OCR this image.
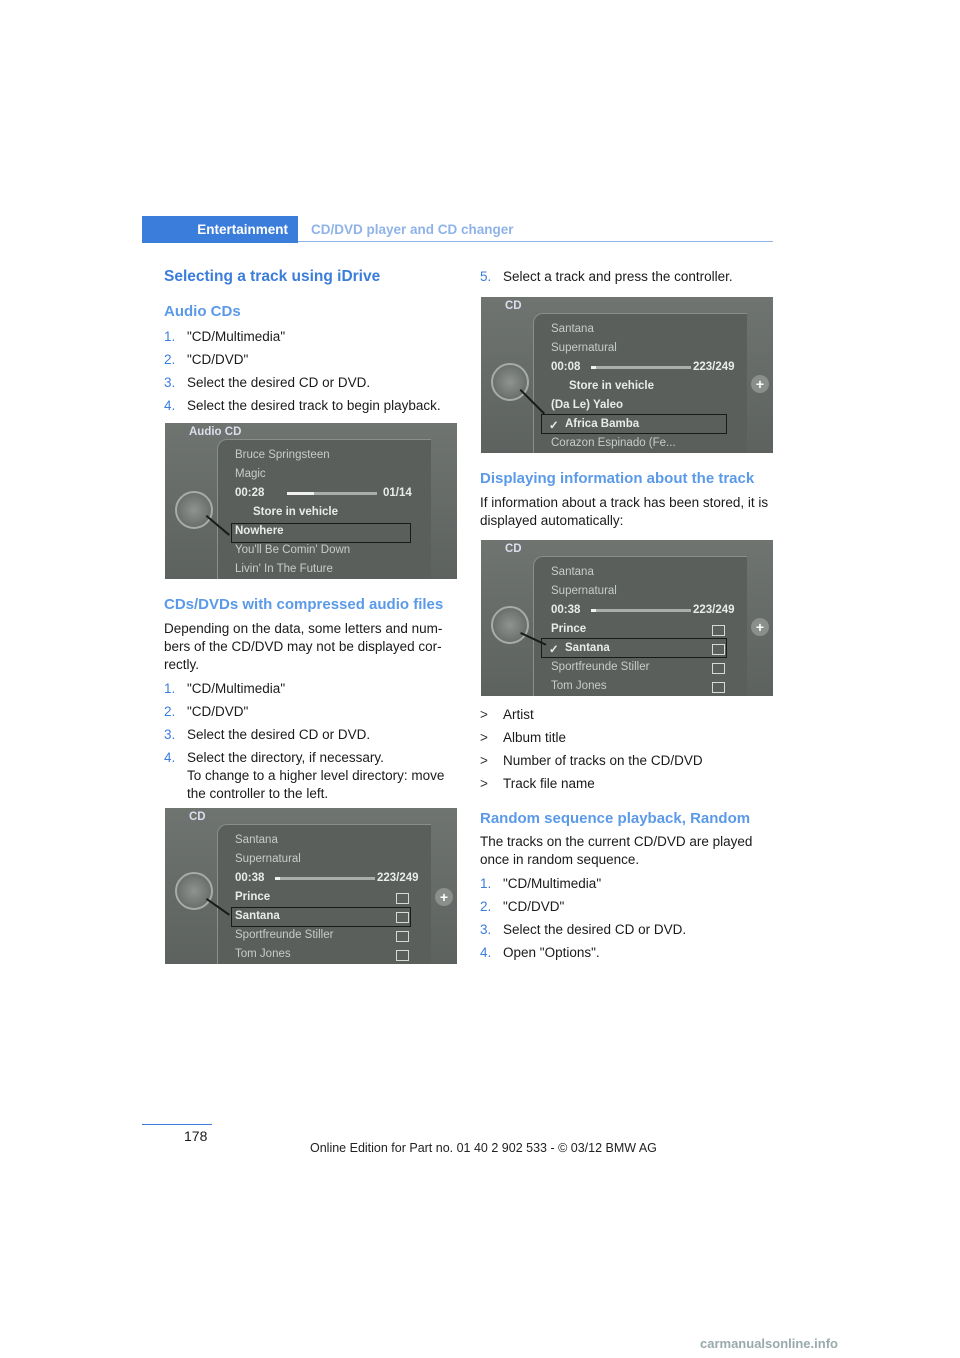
Entertainment CD/DVD player and CD changer
Selecting a track using iDrive
Audio CDs
1. "CD/Multimedia"
2. "CD/DVD"
3. Select the desired CD or DVD.
4. Select the desired track to begin playback.
Audio CD
Bruce Springsteen
Magic
00:28	01/14
Store in vehicle
Nowhere
You'll Be Comin' Down
Livin' In The Future
CDs/DVDs with compressed audio files

Depending on the data, some letters and num-bers of the CD/DVD may not be displayed cor-rectly.

1. "CD/Multimedia"
2. "CD/DVD"
3. Select the desired CD or DVD.
4. Select the directory, if necessary.
To change to a higher level directory: move the controller to the left.
CD
Santana
Supernatural
00:38	223/249
Prince
Santana
Sportfreunde Stiller
Tom Jones
+
5. Select a track and press the controller.
CD
Santana
Supernatural
00:08	223/249
Store in vehicle
(Da Le) Yaleo
Africa Bamba
Corazon Espinado (Fe...
✓
+
Displaying information about the track

If information about a track has been stored, it is displayed automatically:

CD
Santana
Supernatural
00:38	223/249
Prince
Santana
Sportfreunde Stiller
Tom Jones
✓
+
> Artist
> Album title
> Number of tracks on the CD/DVD
> Track file name
Random sequence playback, Random

The tracks on the current CD/DVD are played once in random sequence.

1. "CD/Multimedia"
2. "CD/DVD"
3. Select the desired CD or DVD.
4. Open "Options".
178
Online Edition for Part no. 01 40 2 902 533 - © 03/12 BMW AG
carmanualsonline.info
